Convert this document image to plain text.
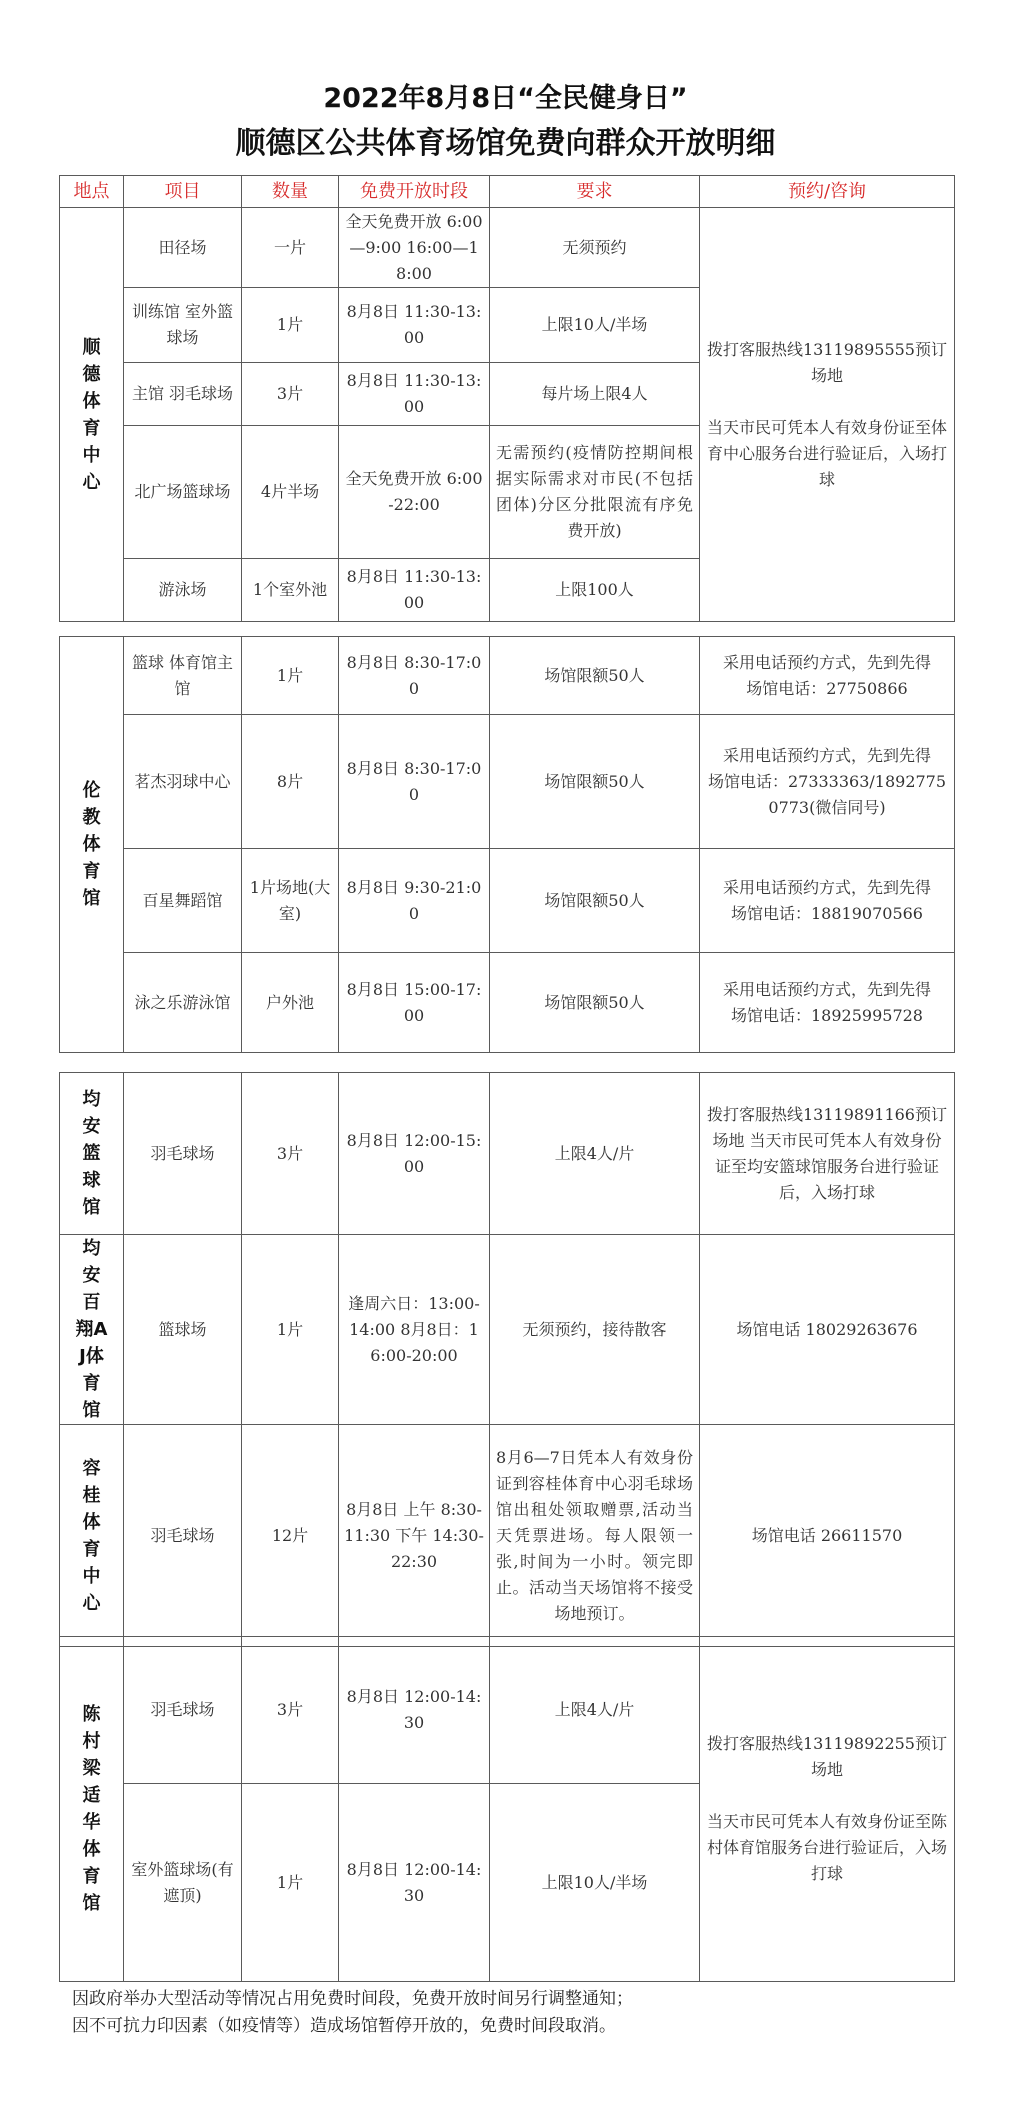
2022年8月8日“全民健身日”
顺德区公共体育场馆免费向群众开放明细
地点	项目	数量	免费开放时段	要求	预约/咨询
顺德体育中心	田径场	一片	全天免费开放 6:00—9:00 16:00—18:00	无须预约	拨打客服热线13119895555预订场地
当天市民可凭本人有效身份证至体育中心服务台进行验证后，入场打球

	训练馆 室外篮球场	1片	8月8日 11:30-13:00	上限10人/半场	
	主馆 羽毛球场	3片	8月8日 11:30-13:00	每片场上限4人	
	北广场篮球场	4片半场	全天免费开放 6:00-22:00	无需预约(疫情防控期间根据实际需求对市民(不包括团体)分区分批限流有序免费开放)	
	游泳场	1个室外池	8月8日 11:30-13:00	上限100人	
伦教体育馆	篮球 体育馆主馆	1片	8月8日 8:30-17:00	场馆限额50人	采用电话预约方式，先到先得
场馆电话：27750866

	茗杰羽球中心	8片	8月8日 8:30-17:00	场馆限额50人	采用电话预约方式，先到先得
场馆电话：27333363/18927750773(微信同号)

	百星舞蹈馆	1片场地(大室)	8月8日 9:30-21:00	场馆限额50人	采用电话预约方式，先到先得
场馆电话：18819070566

	泳之乐游泳馆	户外池	8月8日 15:00-17:00	场馆限额50人	采用电话预约方式，先到先得
场馆电话：18925995728
均安篮球馆	羽毛球场	3片	8月8日 12:00-15:00	上限4人/片	拨打客服热线13119891166预订场地 当天市民可凭本人有效身份证至均安篮球馆服务台进行验证后，入场打球
均安百翔AJ体育馆	篮球场	1片	逢周六日：13:00-14:00 8月8日：16:00-20:00	无须预约，接待散客	场馆电话 18029263676
容桂体育中心	羽毛球场	12片	8月8日 上午 8:30-11:30 下午 14:30-22:30	8月6—7日凭本人有效身份证到容桂体育中心羽毛球场馆出租处领取赠票,活动当天凭票进场。每人限领一张,时间为一小时。领完即止。活动当天场馆将不接受场地预订。	场馆电话 26611570
陈村梁适华体育馆	羽毛球场	3片	8月8日 12:00-14:30	上限4人/片	拨打客服热线13119892255预订场地
当天市民可凭本人有效身份证至陈村体育馆服务台进行验证后，入场打球

	室外篮球场(有遮顶)	1片	8月8日 12:00-14:30	上限10人/半场	
因政府举办大型活动等情况占用免费时间段，免费开放时间另行调整通知；
因不可抗力印因素（如疫情等）造成场馆暂停开放的，免费时间段取消。
